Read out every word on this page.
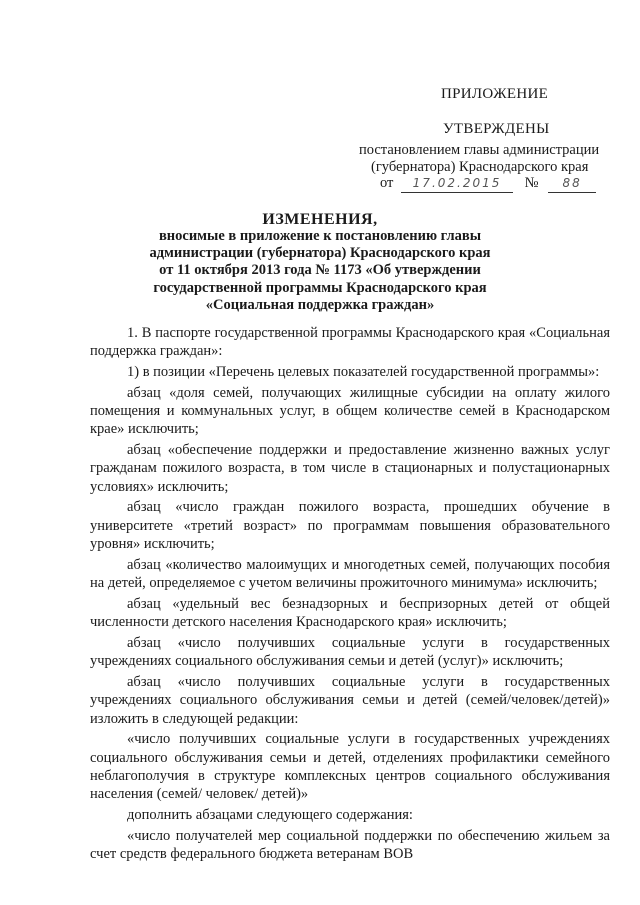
ПРИЛОЖЕНИЕ
УТВЕРЖДЕНЫ
постановлением главы администрации
(губернатора) Краснодарского края
от 17.02.2015 № 88
ИЗМЕНЕНИЯ,
вносимые в приложение к постановлению главы
администрации (губернатора) Краснодарского края
от 11 октября 2013 года № 1173 «Об утверждении
государственной программы Краснодарского края
«Социальная поддержка граждан»

1. В паспорте государственной программы Краснодарского края «Социальная поддержка граждан»:

1) в позиции «Перечень целевых показателей государственной программы»:

абзац «доля семей, получающих жилищные субсидии на оплату жилого помещения и коммунальных услуг, в общем количестве семей в Краснодарском крае» исключить;

абзац «обеспечение поддержки и предоставление жизненно важных услуг гражданам пожилого возраста, в том числе в стационарных и полустационарных условиях» исключить;

абзац «число граждан пожилого возраста, прошедших обучение в университете «третий возраст» по программам повышения образовательного уровня» исключить;

абзац «количество малоимущих и многодетных семей, получающих пособия на детей, определяемое с учетом величины прожиточного минимума» исключить;

абзац «удельный вес безнадзорных и беспризорных детей от общей численности детского населения Краснодарского края» исключить;

абзац «число получивших социальные услуги в государственных учреждениях социального обслуживания семьи и детей (услуг)» исключить;

абзац «число получивших социальные услуги в государственных учреждениях социального обслуживания семьи и детей (семей/человек/детей)» изложить в следующей редакции:

«число получивших социальные услуги в государственных учреждениях социального обслуживания семьи и детей, отделениях профилактики семейного неблагополучия в структуре комплексных центров социального обслуживания населения (семей/ человек/ детей)»

дополнить абзацами следующего содержания:

«число получателей мер социальной поддержки по обеспечению жильем за счет средств федерального бюджета ветеранам ВОВ
